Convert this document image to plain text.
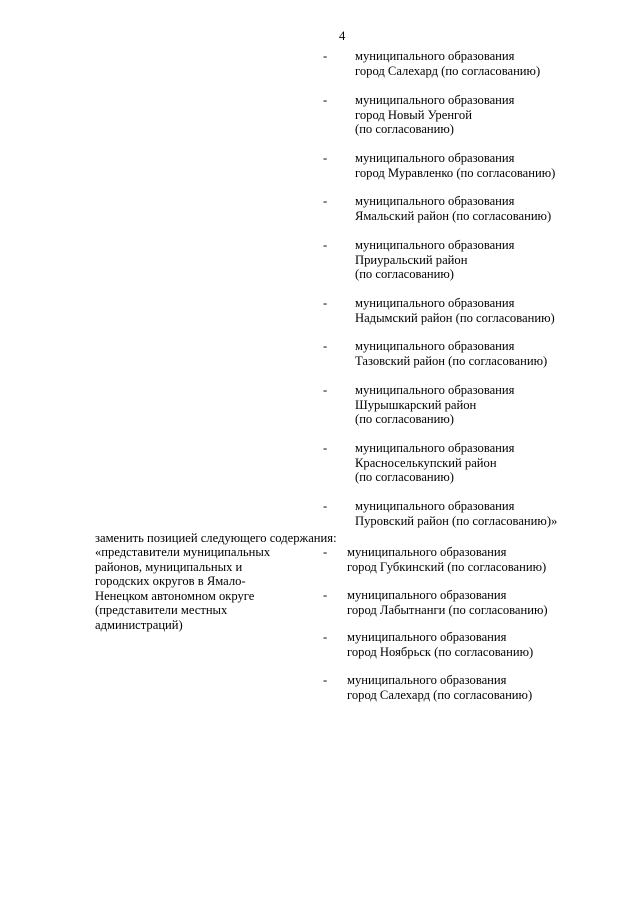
4
- муниципального образования
город Салехард (по согласованию)
- муниципального образования
город Новый Уренгой
(по согласованию)
- муниципального образования
город Муравленко (по согласованию)
- муниципального образования
Ямальский район (по согласованию)
- муниципального образования
Приуральский район
(по согласованию)
- муниципального образования
Надымский район (по согласованию)
- муниципального образования
Тазовский район (по согласованию)
- муниципального образования
Шурышкарский район
(по согласованию)
- муниципального образования
Красноселькупский район
(по согласованию)
- муниципального образования
Пуровский район (по согласованию)»
заменить позицией следующего содержания:
«представители муниципальных
районов, муниципальных и
городских округов в Ямало-
Ненецком автономном округе
(представители местных
администраций)
- муниципального образования
город Губкинский (по согласованию)
- муниципального образования
город Лабытнанги (по согласованию)
- муниципального образования
город Ноябрьск (по согласованию)
- муниципального образования
город Салехард (по согласованию)
